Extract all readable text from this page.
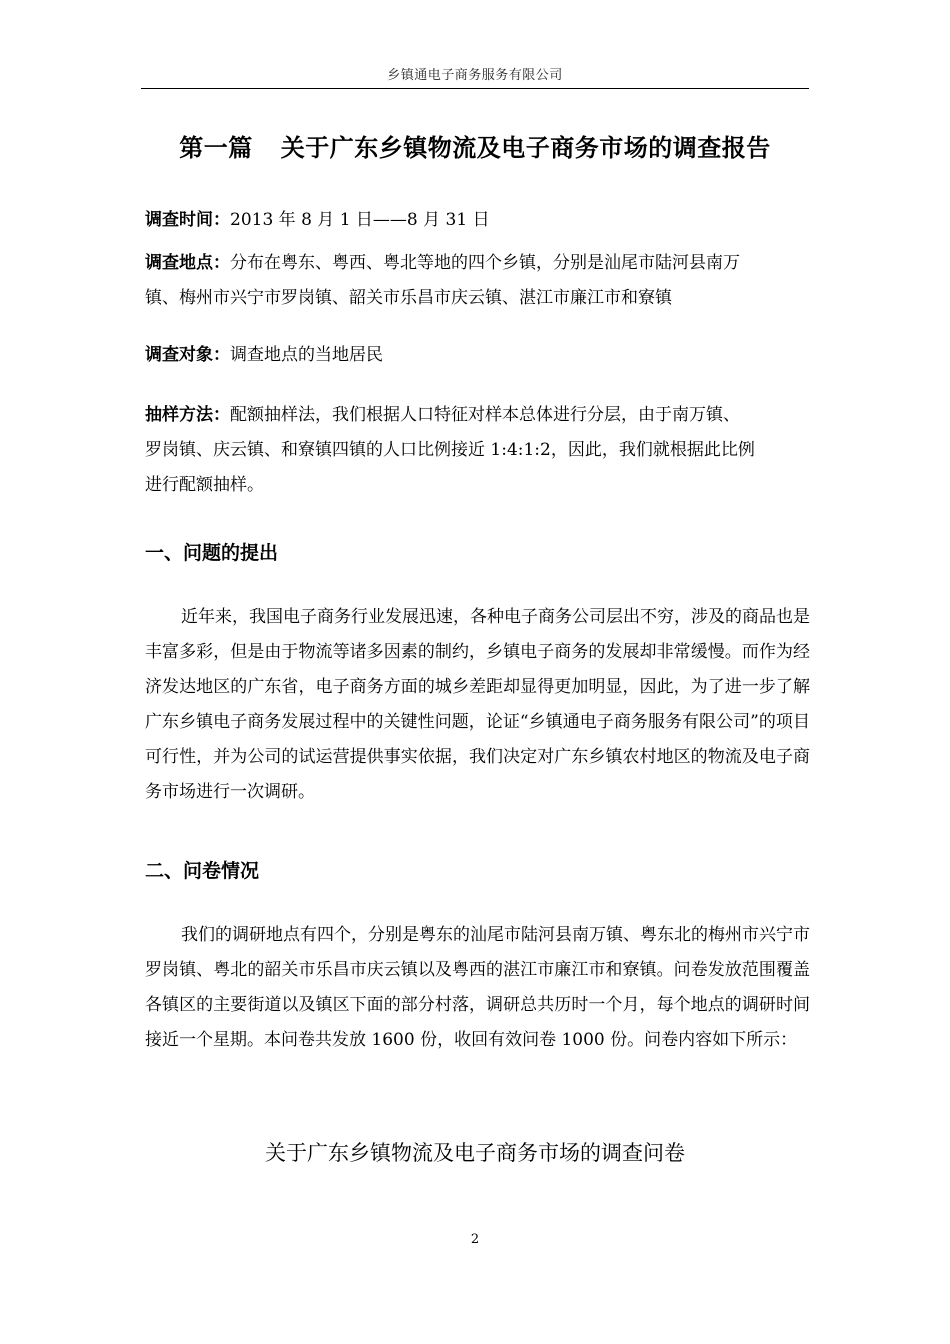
乡镇通电子商务服务有限公司
第一篇 关于广东乡镇物流及电子商务市场的调查报告

调查时间：2013 年 8 月 1 日——8 月 31 日

调查地点：分布在粤东、粤西、粤北等地的四个乡镇，分别是汕尾市陆河县南万

镇、梅州市兴宁市罗岗镇、韶关市乐昌市庆云镇、湛江市廉江市和寮镇

调查对象：调查地点的当地居民

抽样方法：配额抽样法，我们根据人口特征对样本总体进行分层，由于南万镇、

罗岗镇、庆云镇、和寮镇四镇的人口比例接近 1:4:1:2，因此，我们就根据此比例

进行配额抽样。

一、问题的提出

近年来，我国电子商务行业发展迅速，各种电子商务公司层出不穷，涉及的商品也是丰富多彩，但是由于物流等诸多因素的制约，乡镇电子商务的发展却非常缓慢。而作为经济发达地区的广东省，电子商务方面的城乡差距却显得更加明显，因此，为了进一步了解广东乡镇电子商务发展过程中的关键性问题，论证“乡镇通电子商务服务有限公司”的项目可行性，并为公司的试运营提供事实依据，我们决定对广东乡镇农村地区的物流及电子商务市场进行一次调研。

二、问卷情况

我们的调研地点有四个，分别是粤东的汕尾市陆河县南万镇、粤东北的梅州市兴宁市罗岗镇、粤北的韶关市乐昌市庆云镇以及粤西的湛江市廉江市和寮镇。问卷发放范围覆盖各镇区的主要街道以及镇区下面的部分村落，调研总共历时一个月，每个地点的调研时间接近一个星期。本问卷共发放 1600 份，收回有效问卷 1000 份。问卷内容如下所示：

关于广东乡镇物流及电子商务市场的调查问卷
2
